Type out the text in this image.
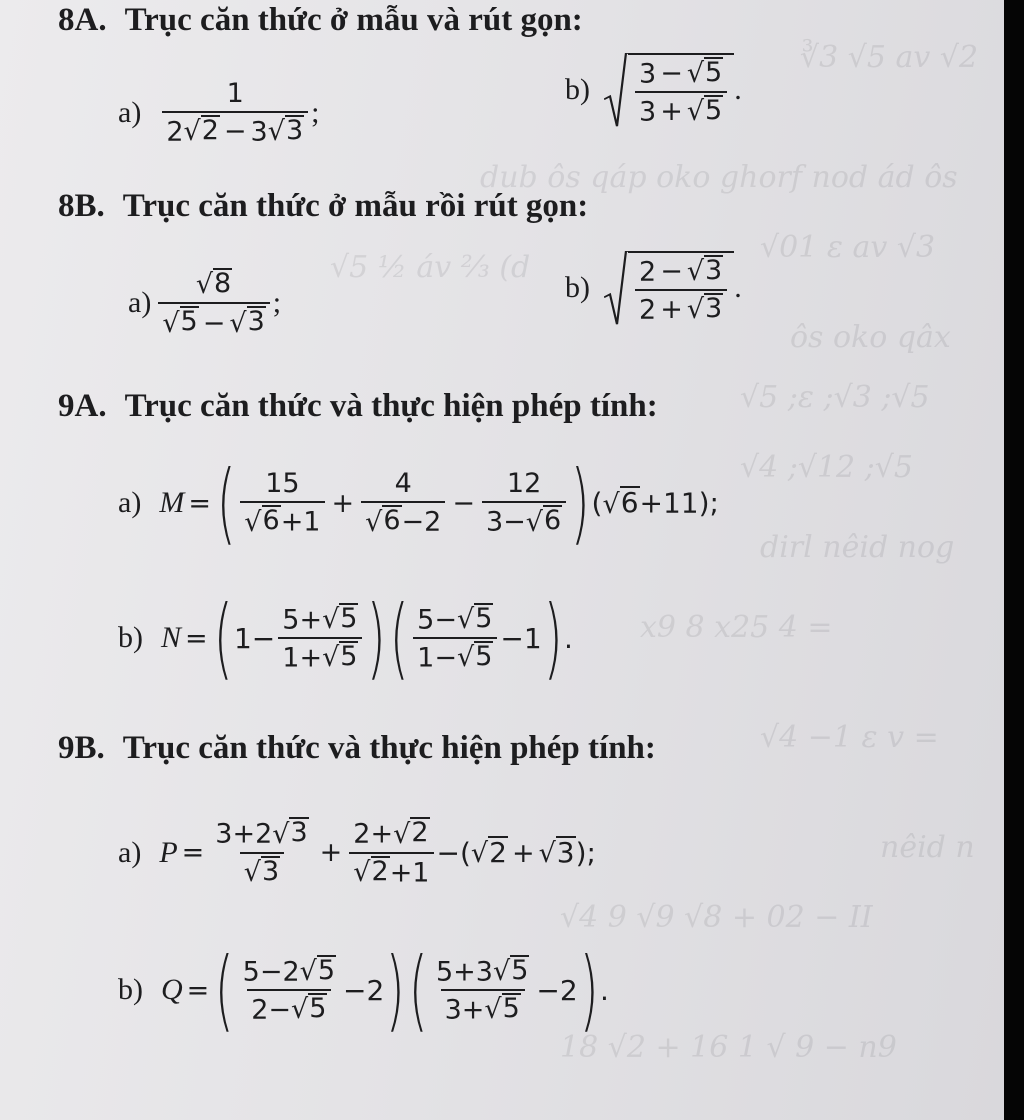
∛3 √5 av √2
dub ôs qáp oko ghorf nod ád ôs
√5 ½ áv ⅔ (d
√01 ε av √3
ôs oko qâx
√5 ;ε ;√3 ;√5
√4 ;√12 ;√5
dirl nêid nog
x9 8 x25 4 =
√4 −1 ε v =
nêid n
√4 9 √9 √8 + 02 − II
18 √2 + 16 1 √ 9 − n9
8A. Trục căn thức ở mẫu và rút gọn:
$a) \frac{1}{2 √ 2 - 3 √ 3}$ ;
$b) \frac{3 - √ 5}{3 + √ 5}$ .
8B. Trục căn thức ở mẫu rồi rút gọn:
$a) \frac{√ 8}{√ 5 - √ 3}$ ;	$b) \frac{2 - √ 3}{2 + √ 3}$ .
9A. Trục căn thức và thực hiện phép tính:
a) M = ( $\frac{15}{√ 6 +1} + \frac{4}{√ 6 -2} - \frac{12}{3- √ 6}$ ) ( √ 6 +11);
b) N = ( $1- \frac{5+ √ 5}{1+ √ 5}$ ) ( $\frac{5- √ 5}{1- √ 5} -1$ ) .
9B. Trục căn thức và thực hiện phép tính:
a) $P = \frac{3+2 √ 3}{√ 3} + \frac{2+ √ 2}{√ 2 +1}$ −( √ 2 + √ 3 );
b) Q = ( $\frac{5-2 √ 5}{2- √ 5} -2$ ) ( $\frac{5+3 √ 5}{3+ √ 5} -2$ ) .
